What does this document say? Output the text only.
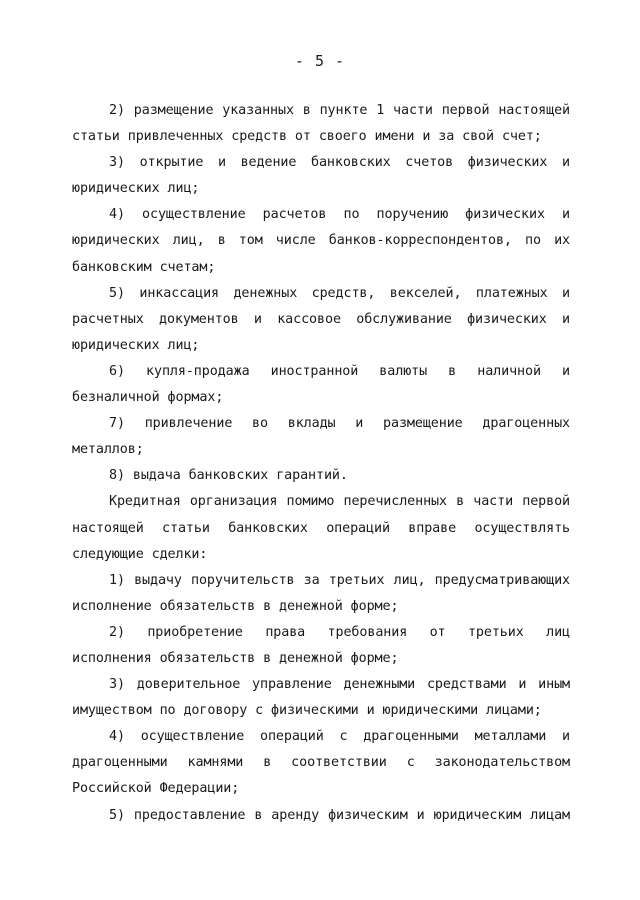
- 5 -

2) размещение указанных в пункте 1 части первой настоящей статьи привлеченных средств от своего имени и за свой счет;

3) открытие и ведение банковских счетов физических и юридических лиц;

4) осуществление расчетов по поручению физических и юридических лиц, в том числе банков-корреспондентов, по их банковским счетам;

5) инкассация денежных средств, векселей, платежных и расчетных документов и кассовое обслуживание физических и юридических лиц;

6) купля-продажа иностранной валюты в наличной и безналичной формах;

7) привлечение во вклады и размещение драгоценных металлов;

8) выдача банковских гарантий.

Кредитная организация помимо перечисленных в части первой настоящей статьи банковских операций вправе осуществлять следующие сделки:

1) выдачу поручительств за третьих лиц, предусматривающих исполнение обязательств в денежной форме;

2) приобретение права требования от третьих лиц исполнения обязательств в денежной форме;

3) доверительное управление денежными средствами и иным имуществом по договору с физическими и юридическими лицами;

4) осуществление операций с драгоценными металлами и драгоценными камнями в соответствии с законодательством Российской Федерации;

5) предоставление в аренду физическим и юридическим лицам
